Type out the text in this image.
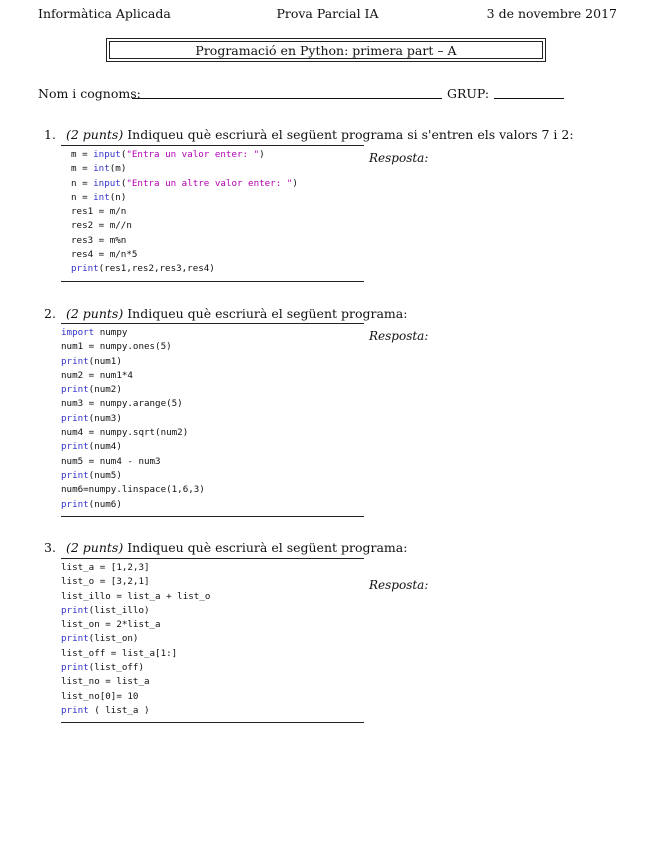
Informàtica Aplicada	Prova Parcial IA	3 de novembre 2017
Programació en Python: primera part – A
Nom i cognoms:	GRUP:
1. (2 punts) Indiqueu què escriurà el següent programa si s'entren els valors 7 i 2:
m = input("Entra un valor enter: ")
m = int(m)
n = input("Entra un altre valor enter: ")
n = int(n)
res1 = m/n
res2 = m//n
res3 = m%n
res4 = m/n*5
print(res1,res2,res3,res4)
Resposta:
2. (2 punts) Indiqueu què escriurà el següent programa:
import numpy
num1 = numpy.ones(5)
print(num1)
num2 = num1*4
print(num2)
num3 = numpy.arange(5)
print(num3)
num4 = numpy.sqrt(num2)
print(num4)
num5 = num4 - num3
print(num5)
num6=numpy.linspace(1,6,3)
print(num6)
Resposta:
3. (2 punts) Indiqueu què escriurà el següent programa:
list_a = [1,2,3]
list_o = [3,2,1]
list_illo = list_a + list_o
print(list_illo)
list_on = 2*list_a
print(list_on)
list_off = list_a[1:]
print(list_off)
list_no = list_a
list_no[0]= 10
print ( list_a )
Resposta:
